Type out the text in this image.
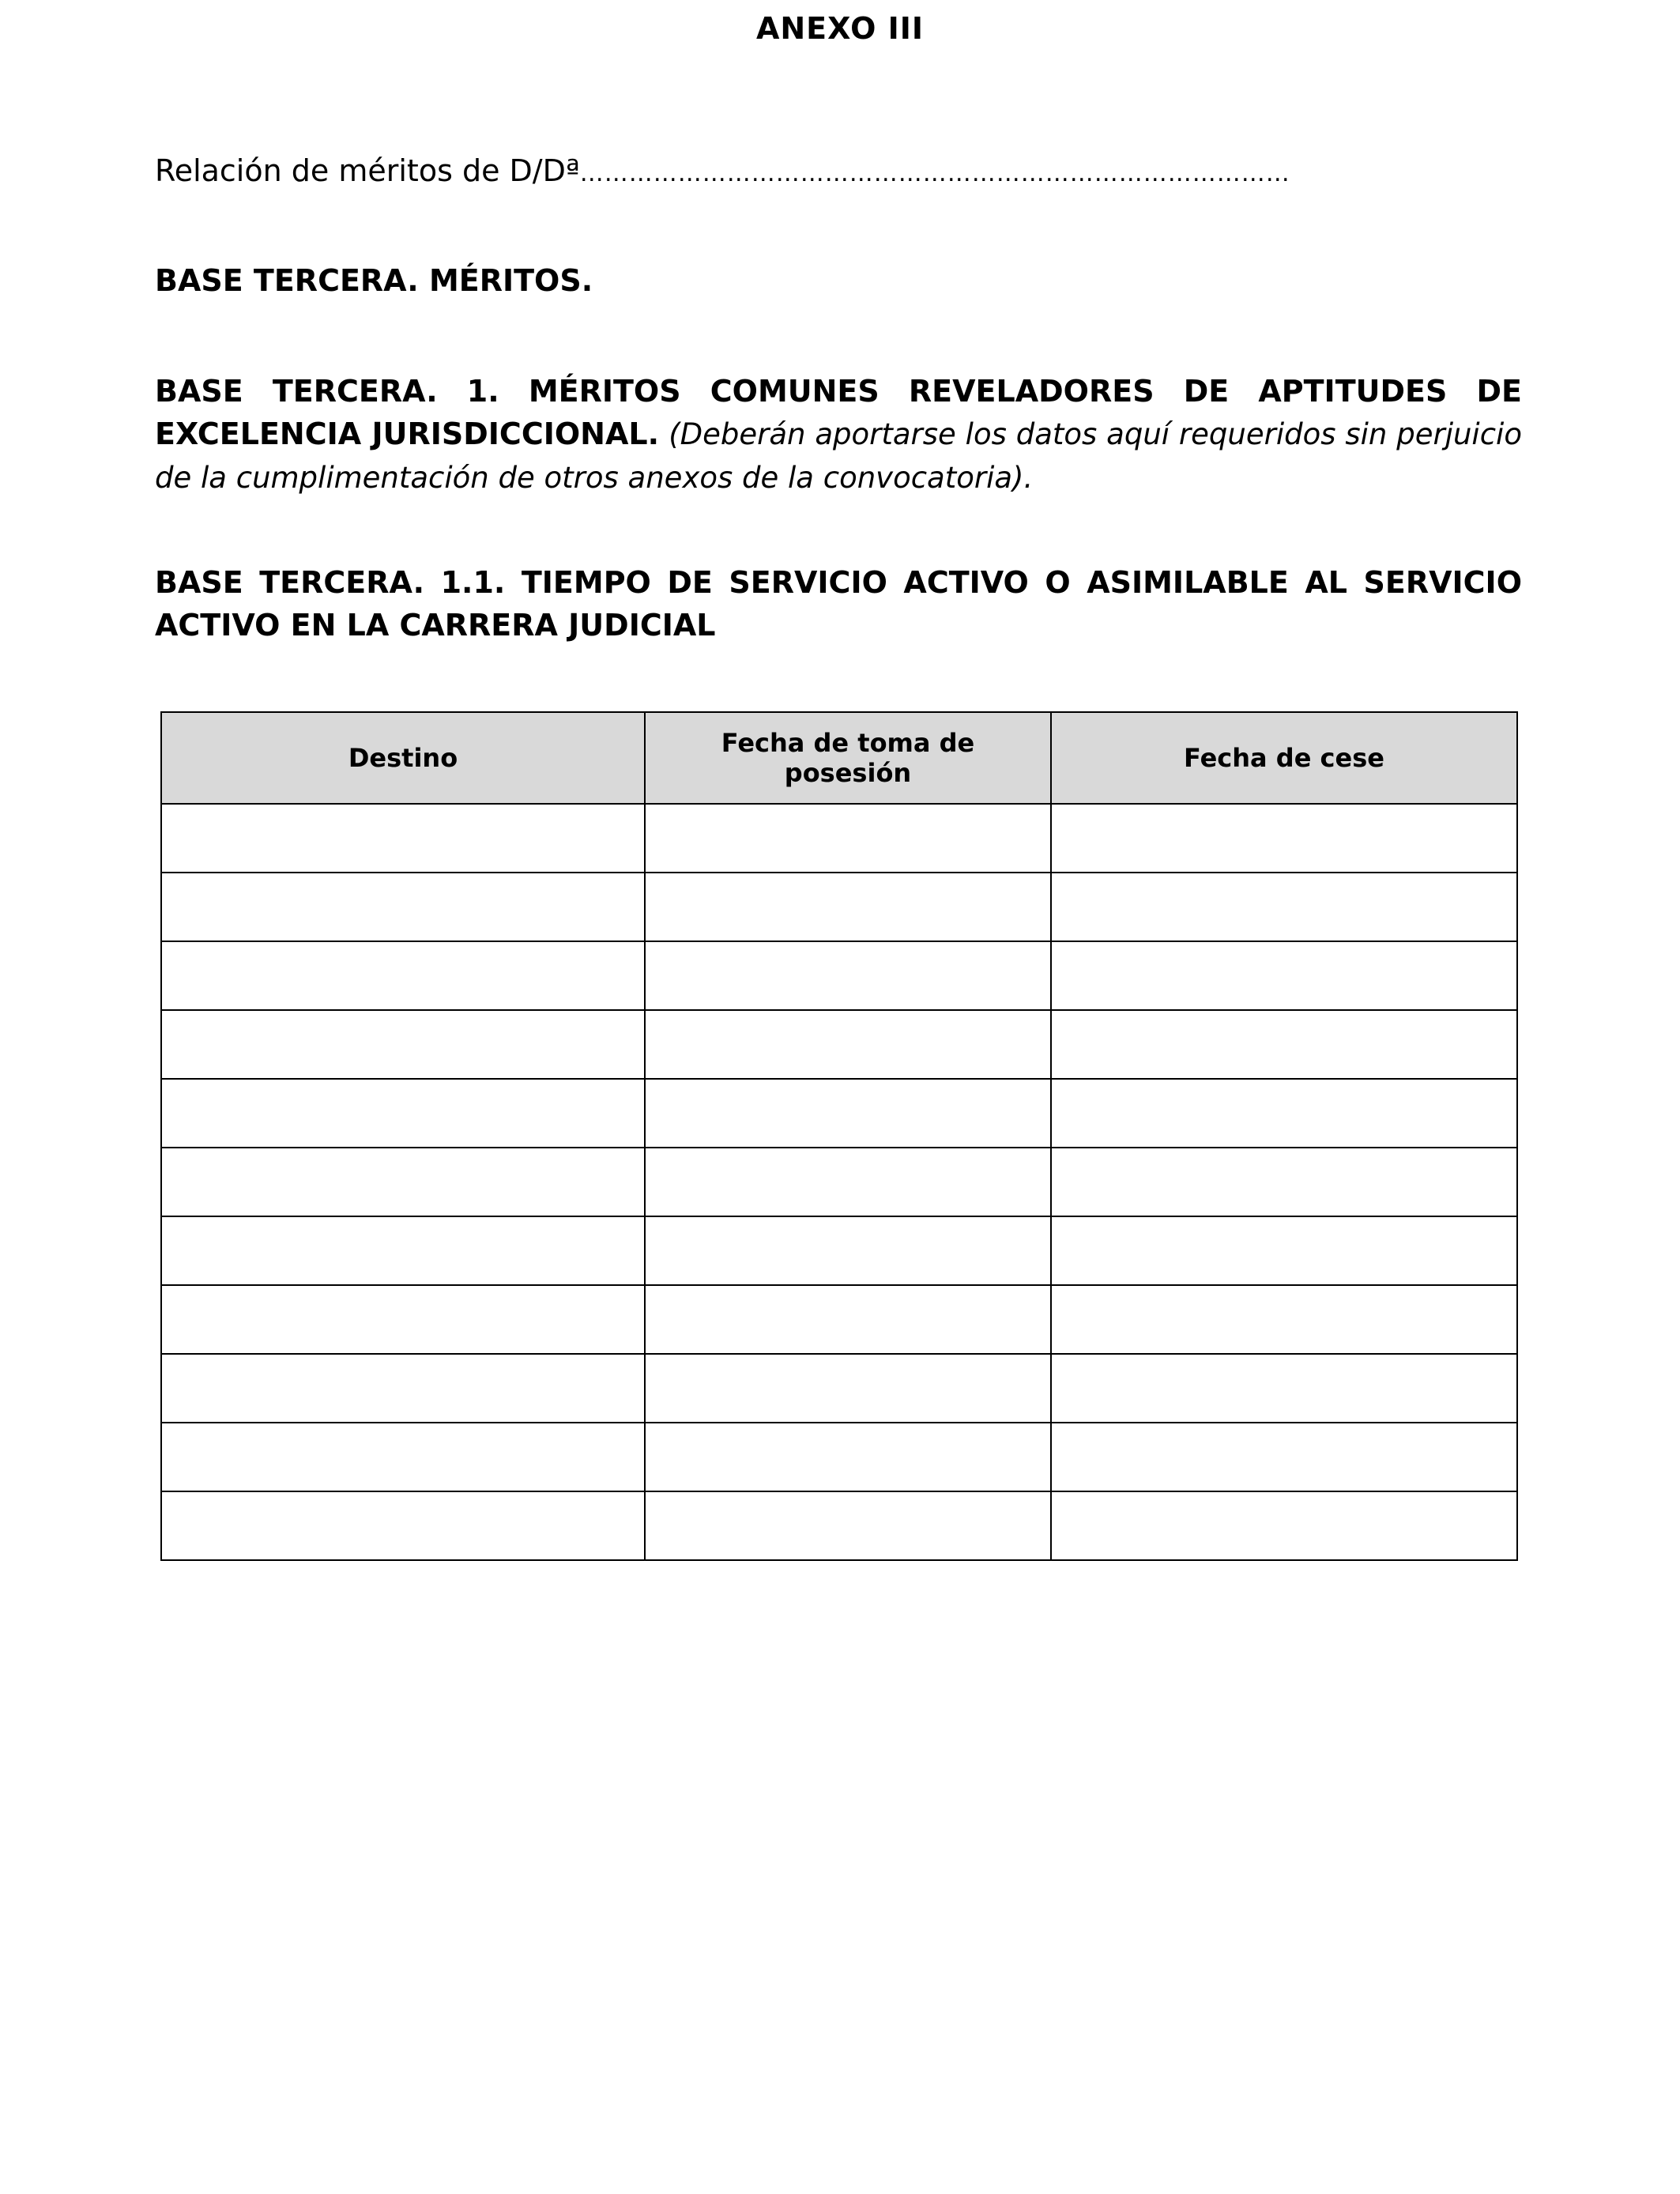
ANEXO III
Relación de méritos de D/Dª……………………………………………………………………………
BASE TERCERA. MÉRITOS.
BASE TERCERA. 1. MÉRITOS COMUNES REVELADORES DE APTITUDES DE EXCELENCIA JURISDICCIONAL. (Deberán aportarse los datos aquí requeridos sin perjuicio de la cumplimentación de otros anexos de la convocatoria).
BASE TERCERA. 1.1. TIEMPO DE SERVICIO ACTIVO O ASIMILABLE AL SERVICIO ACTIVO EN LA CARRERA JUDICIAL
Destino	Fecha de toma de posesión	Fecha de cese
